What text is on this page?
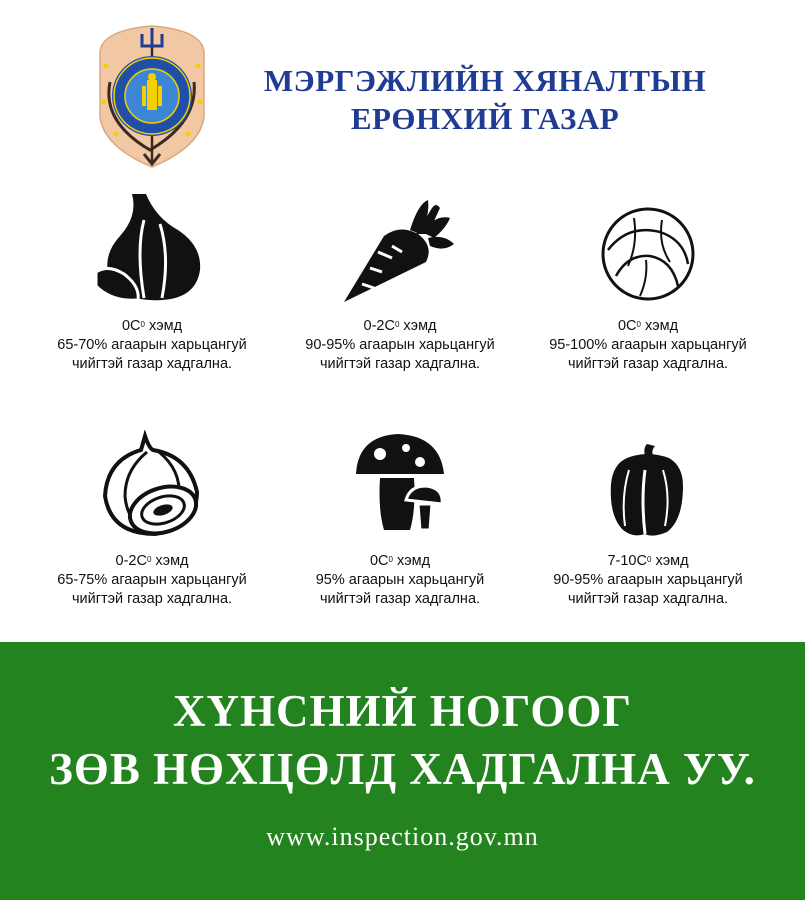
МЭРГЭЖЛИЙН ХЯНАЛТЫН
ЕРӨНХИЙ ГАЗАР
$0C^0$ хэмд
65-70% агаарын харьцангуй
чийгтэй газар хадгална.
$0-2C^0$ хэмд
90-95% агаарын харьцангуй
чийгтэй газар хадгална.
$0C^0$ хэмд
95-100% агаарын харьцангуй
чийгтэй газар хадгална.
$0-2C^0$ хэмд
65-75% агаарын харьцангуй
чийгтэй газар хадгална.
$0C^0$ хэмд
95% агаарын харьцангуй
чийгтэй газар хадгална.
$7-10C^0$ хэмд
90-95% агаарын харьцангуй
чийгтэй газар хадгална.
ХҮНСНИЙ НОГООГ
ЗӨВ НӨХЦӨЛД ХАДГАЛНА УУ.
www.inspection.gov.mn
